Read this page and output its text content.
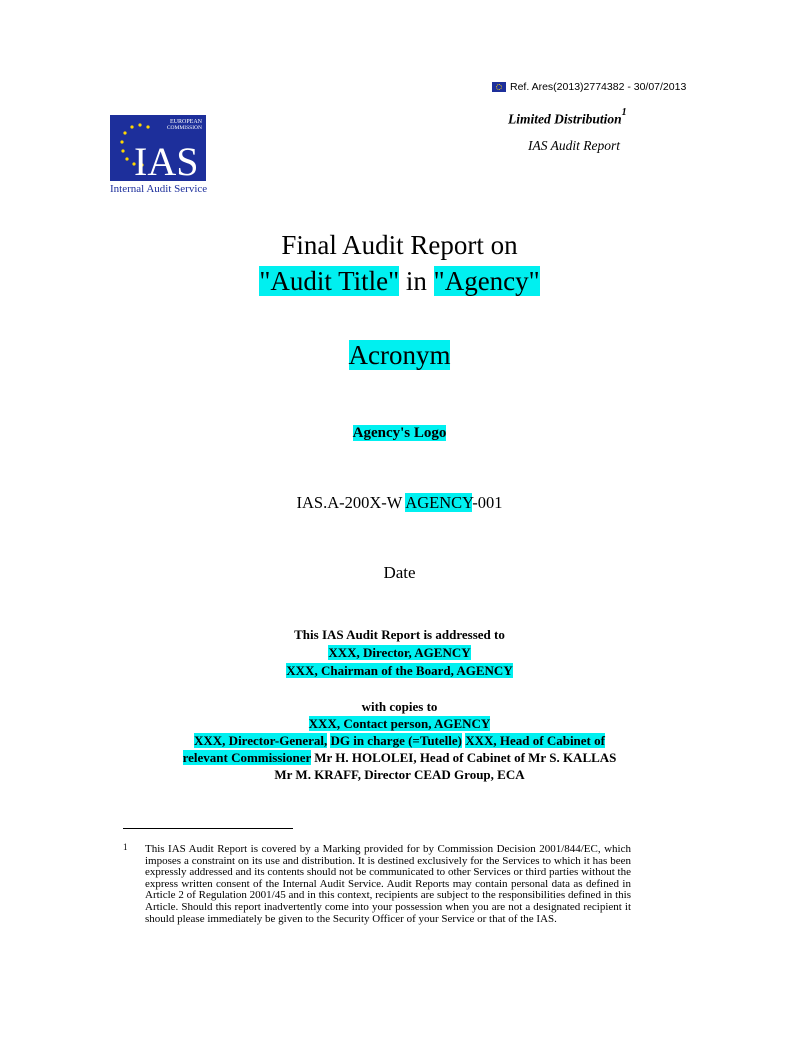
Ref. Ares(2013)2774382 - 30/07/2013
Limited Distribution$^1$
IAS Audit Report
EUROPEAN
COMMISSION
IAS
Internal Audit Service
Final Audit Report on
"Audit Title" in "Agency"
Acronym
Agency's Logo
IAS.A-200X-W AGENCY-001
Date
This IAS Audit Report is addressed to
XXX, Director, AGENCY
XXX, Chairman of the Board, AGENCY
with copies to
XXX, Contact person, AGENCY
XXX, Director-General, DG in charge (=Tutelle) XXX, Head of Cabinet of
relevant Commissioner Mr H. HOLOLEI, Head of Cabinet of Mr S. KALLAS
Mr M. KRAFF, Director CEAD Group, ECA
1 This IAS Audit Report is covered by a Marking provided for by Commission Decision 2001/844/EC, which imposes a constraint on its use and distribution. It is destined exclusively for the Services to which it has been expressly addressed and its contents should not be communicated to other Services or third parties without the express written consent of the Internal Audit Service. Audit Reports may contain personal data as defined in Article 2 of Regulation 2001/45 and in this context, recipients are subject to the responsibilities defined in this Article. Should this report inadvertently come into your possession when you are not a designated recipient it should please immediately be given to the Security Officer of your Service or that of the IAS.
